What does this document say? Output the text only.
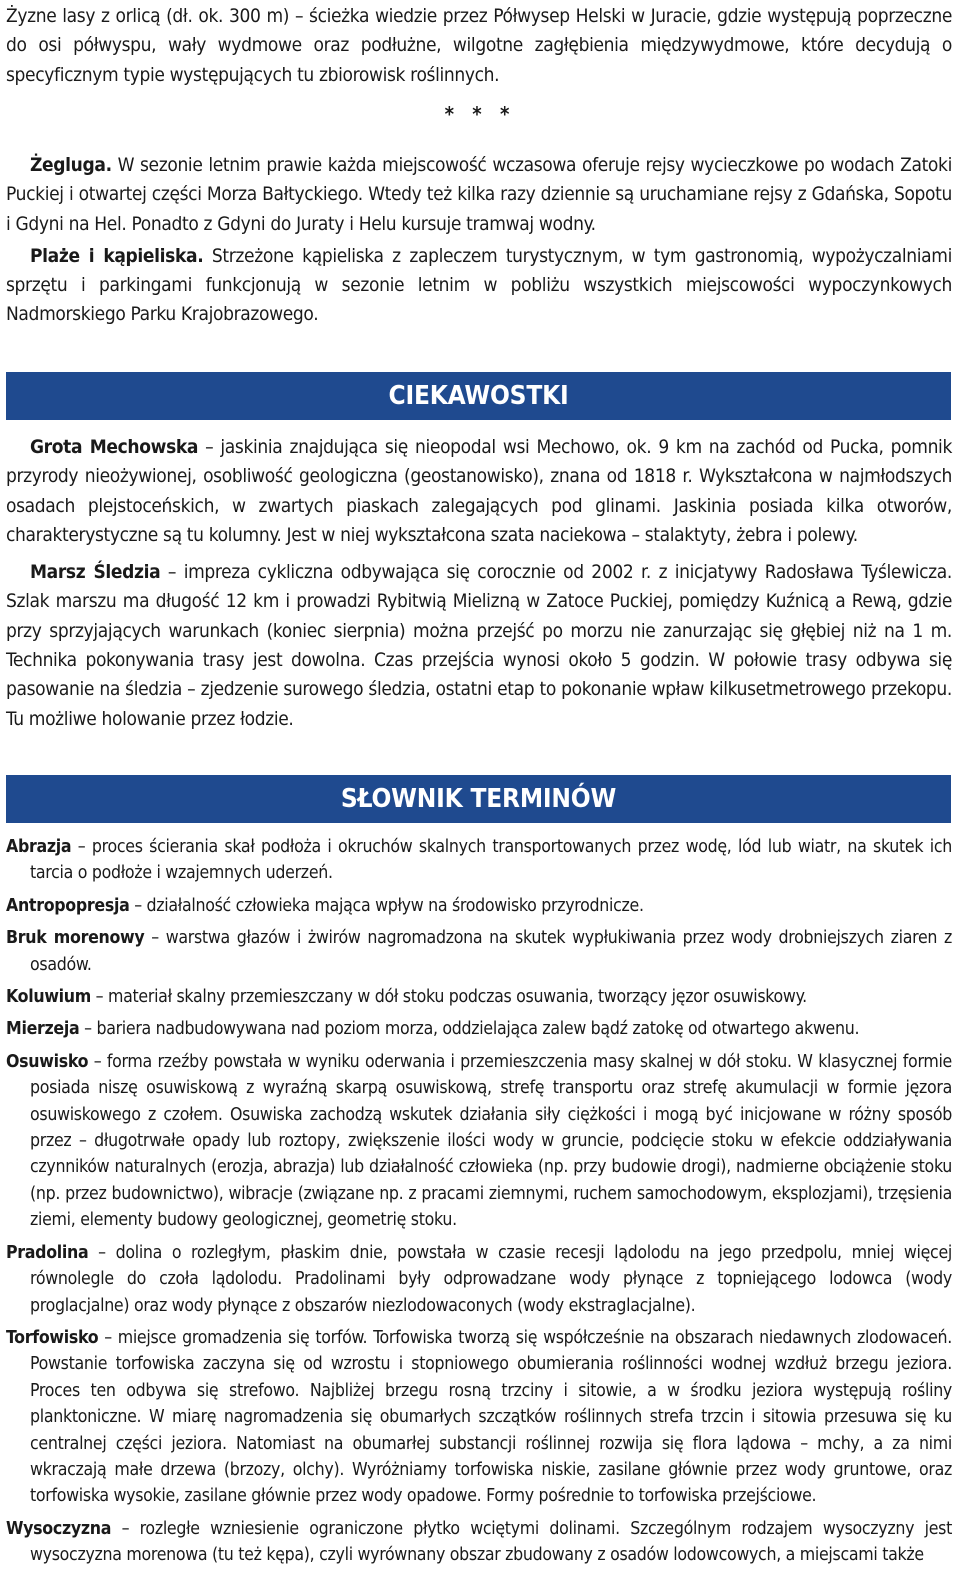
Żyzne lasy z orlicą (dł. ok. 300 m) – ścieżka wiedzie przez Półwysep Helski w Juracie, gdzie występują poprzeczne do osi półwyspu, wały wydmowe oraz podłużne, wilgotne zagłębienia międzywydmowe, które decydują o specyficznym typie występujących tu zbiorowisk roślinnych.

* * *

Żegluga. W sezonie letnim prawie każda miejscowość wczasowa oferuje rejsy wycieczkowe po wodach Zatoki Puckiej i otwartej części Morza Bałtyckiego. Wtedy też kilka razy dziennie są uruchamiane rejsy z Gdańska, Sopotu i Gdyni na Hel. Ponadto z Gdyni do Juraty i Helu kursuje tramwaj wodny.

Plaże i kąpieliska. Strzeżone kąpieliska z zapleczem turystycznym, w tym gastronomią, wypożyczalniami sprzętu i parkingami funkcjonują w sezonie letnim w pobliżu wszystkich miejscowości wypoczynkowych Nadmorskiego Parku Krajobrazowego.

CIEKAWOSTKI

Grota Mechowska – jaskinia znajdująca się nieopodal wsi Mechowo, ok. 9 km na zachód od Pucka, pomnik przyrody nieożywionej, osobliwość geologiczna (geostanowisko), znana od 1818 r. Wykształcona w najmłodszych osadach plejstoceńskich, w zwartych piaskach zalegających pod glinami. Jaskinia posiada kilka otworów, charakterystyczne są tu kolumny. Jest w niej wykształcona szata naciekowa – stalaktyty, żebra i polewy.

Marsz Śledzia – impreza cykliczna odbywająca się corocznie od 2002 r. z inicjatywy Radosława Tyślewicza. Szlak marszu ma długość 12 km i prowadzi Rybitwią Mielizną w Zatoce Puckiej, pomiędzy Kuźnicą a Rewą, gdzie przy sprzyjających warunkach (koniec sierpnia) można przejść po morzu nie zanurzając się głębiej niż na 1 m. Technika pokonywania trasy jest dowolna. Czas przejścia wynosi około 5 godzin. W połowie trasy odbywa się pasowanie na śledzia – zjedzenie surowego śledzia, ostatni etap to pokonanie wpław kilkusetmetrowego przekopu. Tu możliwe holowanie przez łodzie.

SŁOWNIK TERMINÓW

Abrazja – proces ścierania skał podłoża i okruchów skalnych transportowanych przez wodę, lód lub wiatr, na skutek ich tarcia o podłoże i wzajemnych uderzeń.

Antropopresja – działalność człowieka mająca wpływ na środowisko przyrodnicze.

Bruk morenowy – warstwa głazów i żwirów nagromadzona na skutek wypłukiwania przez wody drobniejszych ziaren z osadów.

Koluwium – materiał skalny przemieszczany w dół stoku podczas osuwania, tworzący jęzor osuwiskowy.

Mierzeja – bariera nadbudowywana nad poziom morza, oddzielająca zalew bądź zatokę od otwartego akwenu.

Osuwisko – forma rzeźby powstała w wyniku oderwania i przemieszczenia masy skalnej w dół stoku. W klasycznej formie posiada niszę osuwiskową z wyraźną skarpą osuwiskową, strefę transportu oraz strefę akumulacji w formie jęzora osuwiskowego z czołem. Osuwiska zachodzą wskutek działania siły ciężkości i mogą być inicjowane w różny sposób przez – długotrwałe opady lub roztopy, zwiększenie ilości wody w gruncie, podcięcie stoku w efekcie oddziaływania czynników naturalnych (erozja, abrazja) lub działalność człowieka (np. przy budowie drogi), nadmierne obciążenie stoku (np. przez budownictwo), wibracje (związane np. z pracami ziemnymi, ruchem samochodowym, eksplozjami), trzęsienia ziemi, elementy budowy geologicznej, geometrię stoku.

Pradolina – dolina o rozległym, płaskim dnie, powstała w czasie recesji lądolodu na jego przedpolu, mniej więcej równolegle do czoła lądolodu. Pradolinami były odprowadzane wody płynące z topniejącego lodowca (wody proglacjalne) oraz wody płynące z obszarów niezlodowaconych (wody ekstraglacjalne).

Torfowisko – miejsce gromadzenia się torfów. Torfowiska tworzą się współcześnie na obszarach niedawnych zlodowaceń. Powstanie torfowiska zaczyna się od wzrostu i stopniowego obumierania roślinności wodnej wzdłuż brzegu jeziora. Proces ten odbywa się strefowo. Najbliżej brzegu rosną trzciny i sitowie, a w środku jeziora występują rośliny planktoniczne. W miarę nagromadzenia się obumarłych szczątków roślinnych strefa trzcin i sitowia przesuwa się ku centralnej części jeziora. Natomiast na obumarłej substancji roślinnej rozwija się flora lądowa – mchy, a za nimi wkraczają małe drzewa (brzozy, olchy). Wyróżniamy torfowiska niskie, zasilane głównie przez wody gruntowe, oraz torfowiska wysokie, zasilane głównie przez wody opadowe. Formy pośrednie to torfowiska przejściowe.

Wysoczyzna – rozległe wzniesienie ograniczone płytko wciętymi dolinami. Szczególnym rodzajem wysoczyzny jest wysoczyzna morenowa (tu też kępa), czyli wyrównany obszar zbudowany z osadów lodowcowych, a miejscami także
